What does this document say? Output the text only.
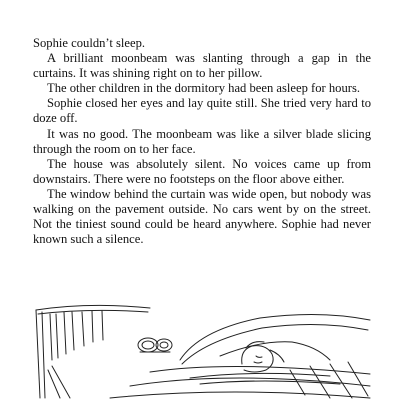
Sophie couldn’t sleep.

A brilliant moonbeam was slanting through a gap in the curtains. It was shining right on to her pillow.

The other children in the dormitory had been asleep for hours.

Sophie closed her eyes and lay quite still. She tried very hard to doze off.

It was no good. The moonbeam was like a silver blade slicing through the room on to her face.

The house was absolutely silent. No voices came up from downstairs. There were no footsteps on the floor above either.

The window behind the curtain was wide open, but nobody was walking on the pavement outside. No cars went by on the street. Not the tiniest sound could be heard anywhere. Sophie had never known such a silence.
